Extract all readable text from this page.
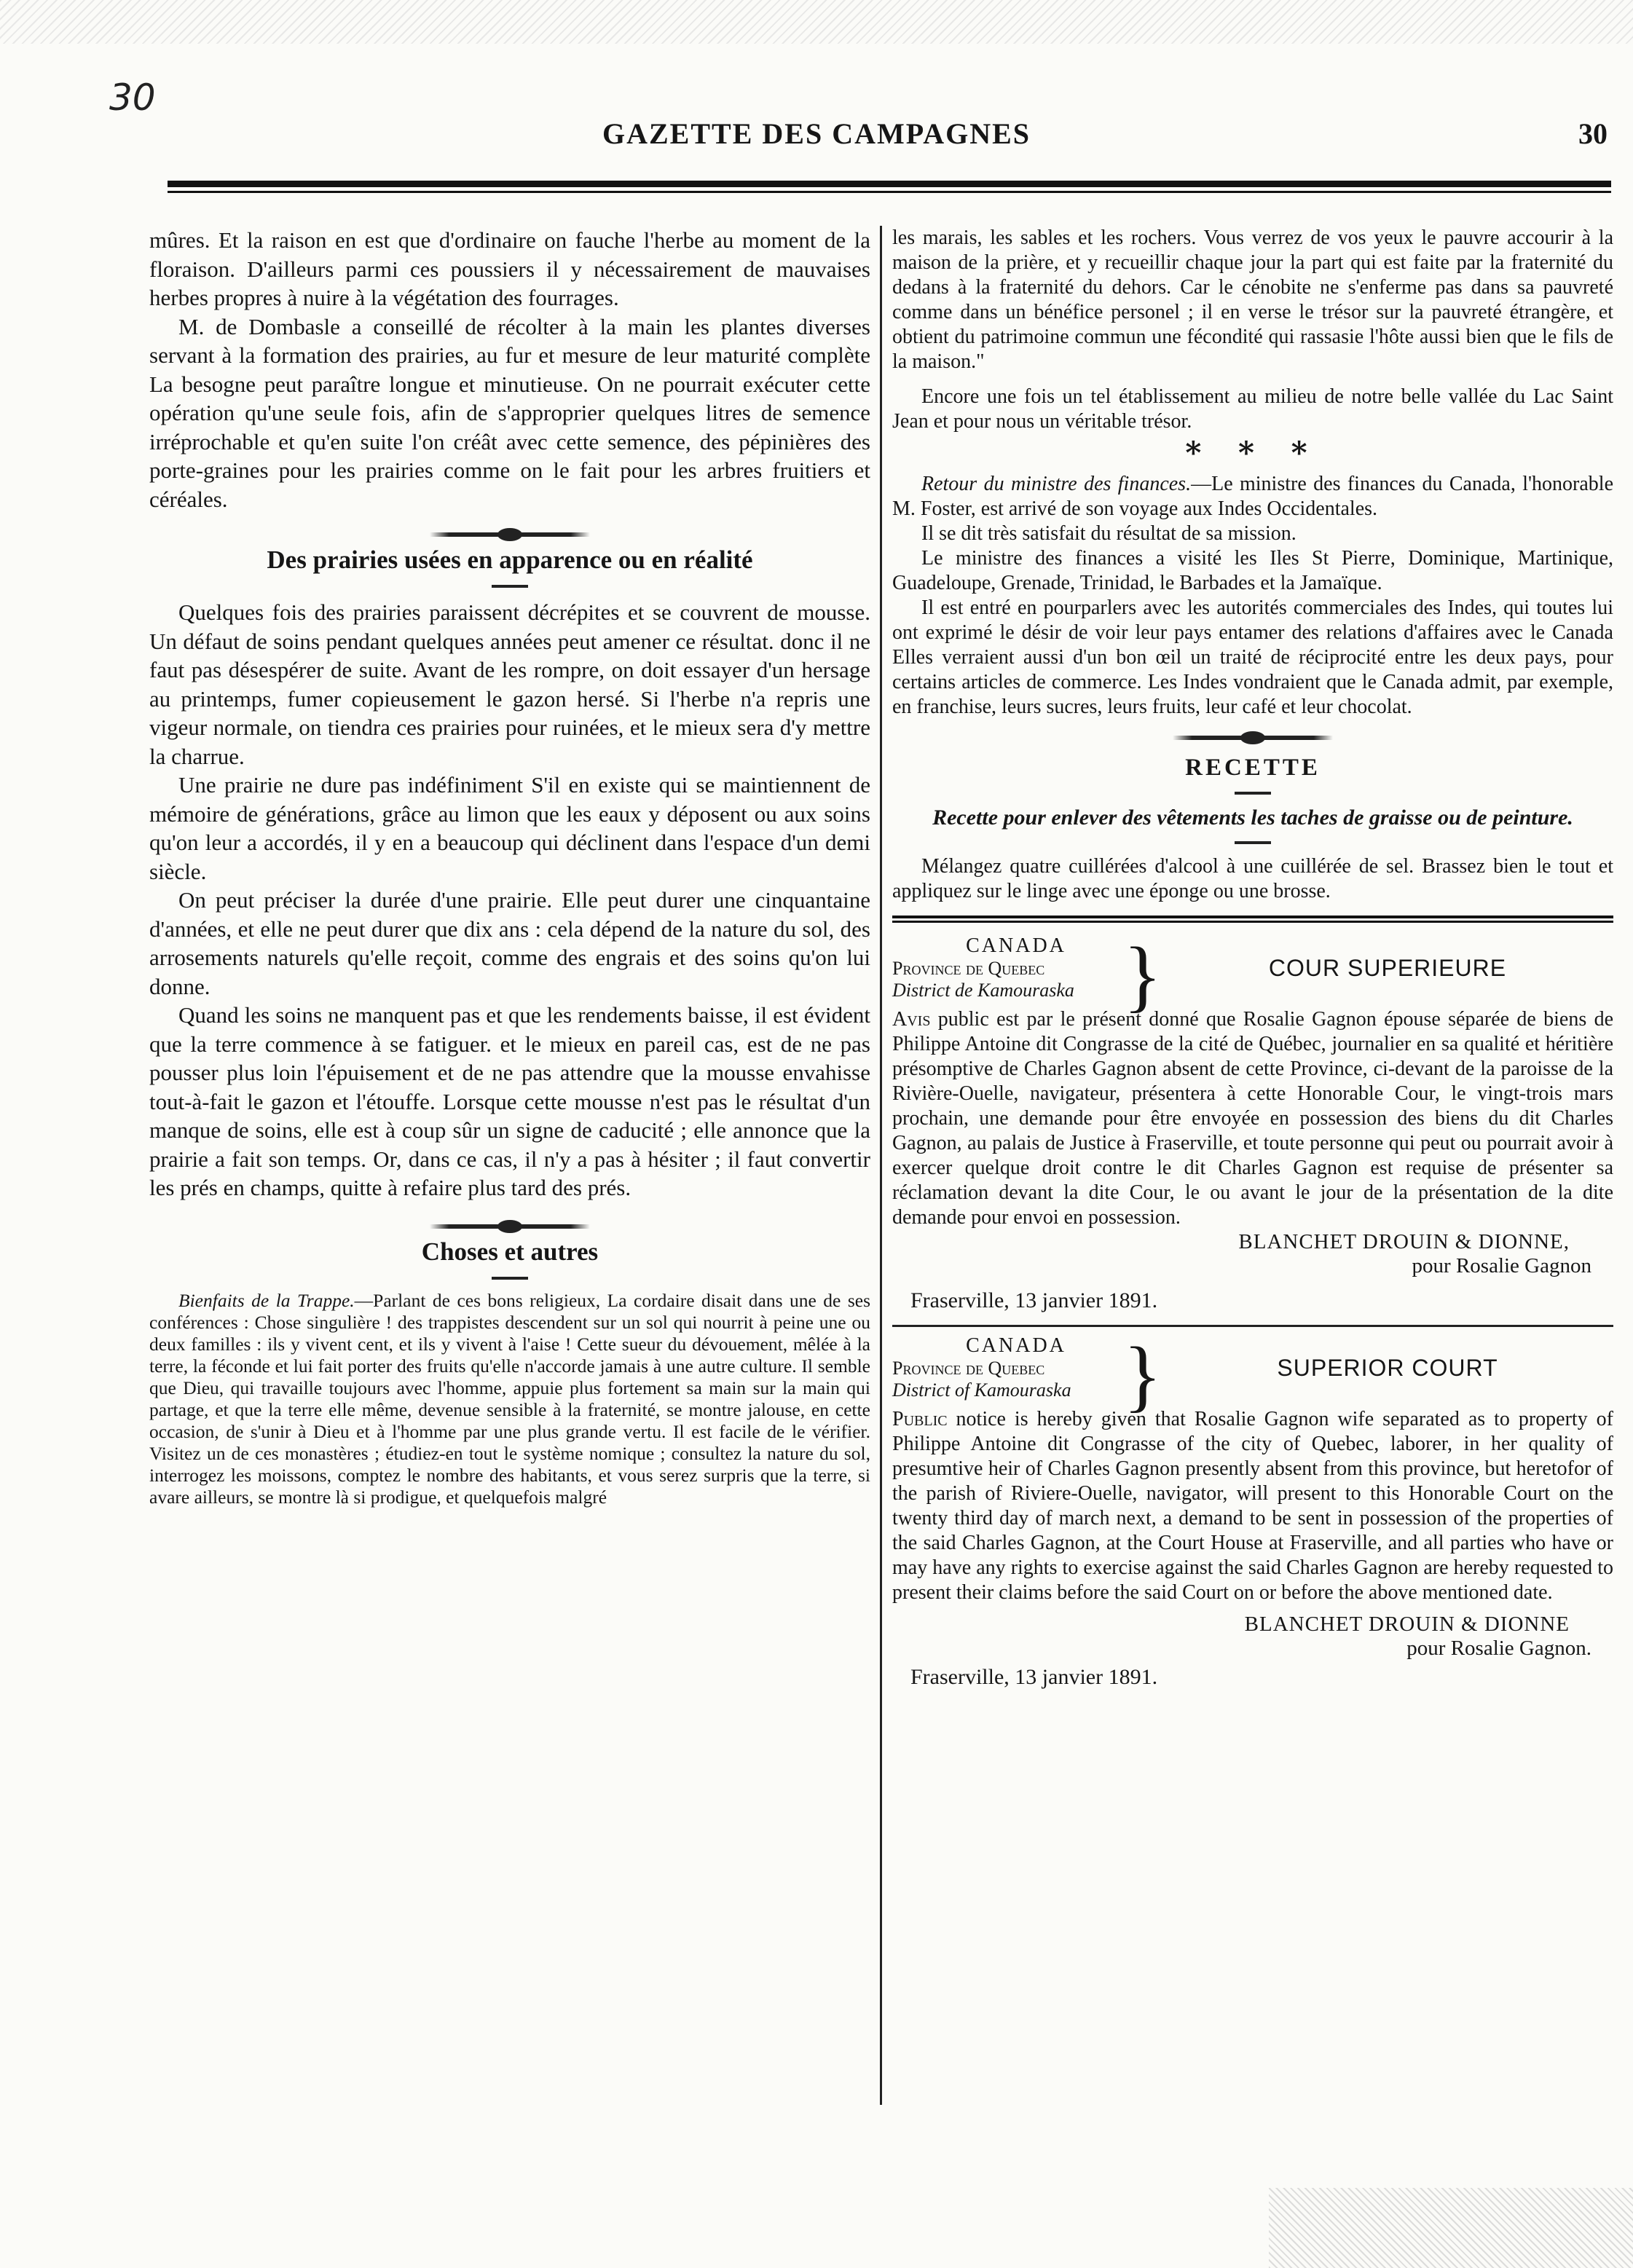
30
GAZETTE DES CAMPAGNES	30

mûres. Et la raison en est que d'ordinaire on fauche l'herbe au moment de la floraison. D'ailleurs parmi ces poussiers il y nécessairement de mauvaises herbes propres à nuire à la végétation des fourrages.

M. de Dombasle a conseillé de récolter à la main les plantes diverses servant à la formation des prairies, au fur et mesure de leur maturité complète La besogne peut paraître longue et minutieuse. On ne pourrait exécuter cette opération qu'une seule fois, afin de s'approprier quelques litres de semence irréprochable et qu'en suite l'on créât avec cette semence, des pépinières des porte-graines pour les prairies comme on le fait pour les arbres fruitiers et céréales.

Des prairies usées en apparence ou en réalité

Quelques fois des prairies paraissent décrépites et se couvrent de mousse. Un défaut de soins pendant quelques années peut amener ce résultat. donc il ne faut pas désespérer de suite. Avant de les rompre, on doit essayer d'un hersage au printemps, fumer copieusement le gazon hersé. Si l'herbe n'a repris une vigeur normale, on tiendra ces prairies pour ruinées, et le mieux sera d'y mettre la charrue.

Une prairie ne dure pas indéfiniment S'il en existe qui se maintiennent de mémoire de générations, grâce au limon que les eaux y déposent ou aux soins qu'on leur a accordés, il y en a beaucoup qui déclinent dans l'espace d'un demi siècle.

On peut préciser la durée d'une prairie. Elle peut durer une cinquantaine d'années, et elle ne peut durer que dix ans : cela dépend de la nature du sol, des arrosements naturels qu'elle reçoit, comme des engrais et des soins qu'on lui donne.

Quand les soins ne manquent pas et que les rendements baisse, il est évident que la terre commence à se fatiguer. et le mieux en pareil cas, est de ne pas pousser plus loin l'épuisement et de ne pas attendre que la mousse envahisse tout-à-fait le gazon et l'étouffe. Lorsque cette mousse n'est pas le résultat d'un manque de soins, elle est à coup sûr un signe de caducité ; elle annonce que la prairie a fait son temps. Or, dans ce cas, il n'y a pas à hésiter ; il faut convertir les prés en champs, quitte à refaire plus tard des prés.

Choses et autres

Bienfaits de la Trappe.—Parlant de ces bons religieux, La cordaire disait dans une de ses conférences : Chose singulière ! des trappistes descendent sur un sol qui nourrit à peine une ou deux familles : ils y vivent cent, et ils y vivent à l'aise ! Cette sueur du dévouement, mêlée à la terre, la féconde et lui fait porter des fruits qu'elle n'accorde jamais à une autre culture. Il semble que Dieu, qui travaille toujours avec l'homme, appuie plus fortement sa main sur la main qui partage, et que la terre elle même, devenue sensible à la fraternité, se montre jalouse, en cette occasion, de s'unir à Dieu et à l'homme par une plus grande vertu. Il est facile de le vérifier. Visitez un de ces monastères ; étudiez-en tout le système nomique ; consultez la nature du sol, interrogez les moissons, comptez le nombre des habitants, et vous serez surpris que la terre, si avare ailleurs, se montre là si prodigue, et quelquefois malgré

les marais, les sables et les rochers. Vous verrez de vos yeux le pauvre accourir à la maison de la prière, et y recueillir chaque jour la part qui est faite par la fraternité du dedans à la fraternité du dehors. Car le cénobite ne s'enferme pas dans sa pauvreté comme dans un bénéfice personel ; il en verse le trésor sur la pauvreté étrangère, et obtient du patrimoine commun une fécondité qui rassasie l'hôte aussi bien que le fils de la maison."

Encore une fois un tel établissement au milieu de notre belle vallée du Lac Saint Jean et pour nous un véritable trésor.

* * *

Retour du ministre des finances.—Le ministre des finances du Canada, l'honorable M. Foster, est arrivé de son voyage aux Indes Occidentales.

Il se dit très satisfait du résultat de sa mission.

Le ministre des finances a visité les Iles St Pierre, Dominique, Martinique, Guadeloupe, Grenade, Trinidad, le Barbades et la Jamaïque.

Il est entré en pourparlers avec les autorités commerciales des Indes, qui toutes lui ont exprimé le désir de voir leur pays entamer des relations d'affaires avec le Canada Elles verraient aussi d'un bon œil un traité de réciprocité entre les deux pays, pour certains articles de commerce. Les Indes vondraient que le Canada admit, par exemple, en franchise, leurs sucres, leurs fruits, leur café et leur chocolat.

RECETTE

Recette pour enlever des vêtements les taches de graisse ou de peinture.

Mélangez quatre cuillérées d'alcool à une cuillérée de sel. Brassez bien le tout et appliquez sur le linge avec une éponge ou une brosse.

CANADA
Province de Quebec
District de Kamouraska
}
COUR SUPERIEURE

Avis public est par le présent donné que Rosalie Gagnon épouse séparée de biens de Philippe Antoine dit Congrasse de la cité de Québec, journalier en sa qualité et héritière présomptive de Charles Gagnon absent de cette Province, ci-devant de la paroisse de la Rivière-Ouelle, navigateur, présentera à cette Honorable Cour, le vingt-trois mars prochain, une demande pour être envoyée en possession des biens du dit Charles Gagnon, au palais de Justice à Fraserville, et toute personne qui peut ou pourrait avoir à exercer quelque droit contre le dit Charles Gagnon est requise de présenter sa réclamation devant la dite Cour, le ou avant le jour de la présentation de la dite demande pour envoi en possession.

BLANCHET DROUIN & DIONNE,
pour Rosalie Gagnon
Fraserville, 13 janvier 1891.
CANADA
Province de Quebec
District of Kamouraska
}
SUPERIOR COURT

Public notice is hereby given that Rosalie Gagnon wife separated as to property of Philippe Antoine dit Congrasse of the city of Quebec, laborer, in her quality of presumtive heir of Charles Gagnon presently absent from this province, but heretofor of the parish of Riviere-Ouelle, navigator, will present to this Honorable Court on the twenty third day of march next, a demand to be sent in possession of the properties of the said Charles Gagnon, at the Court House at Fraserville, and all parties who have or may have any rights to exercise against the said Charles Gagnon are hereby requested to present their claims before the said Court on or before the above mentioned date.

BLANCHET DROUIN & DIONNE
pour Rosalie Gagnon.
Fraserville, 13 janvier 1891.
